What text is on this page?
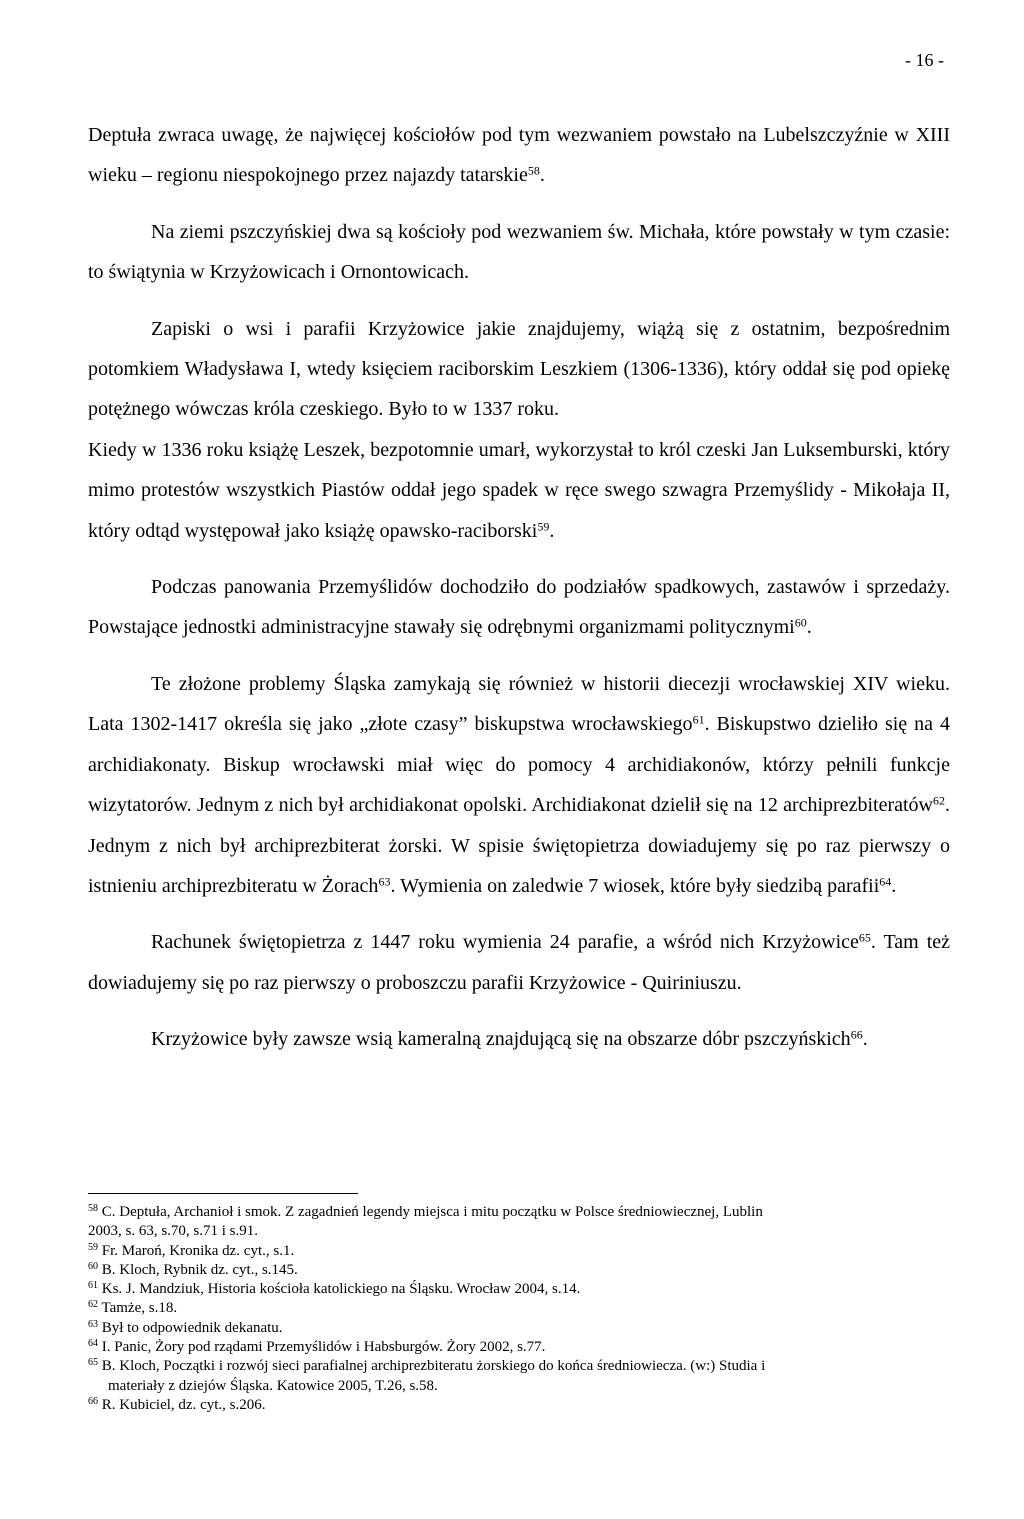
- 16 -

Deptuła zwraca uwagę, że najwięcej kościołów pod tym wezwaniem powstało na Lubelszczyźnie w XIII wieku – regionu niespokojnego przez najazdy tatarskie$^{58}$.

Na ziemi pszczyńskiej dwa są kościoły pod wezwaniem św. Michała, które powstały w tym czasie: to świątynia w Krzyżowicach i Ornontowicach.

Zapiski o wsi i parafii Krzyżowice jakie znajdujemy, wiążą się z ostatnim, bezpośrednim potomkiem Władysława I, wtedy księciem raciborskim Leszkiem (1306-1336), który oddał się pod opiekę potężnego wówczas króla czeskiego. Było to w 1337 roku.

Kiedy w 1336 roku książę Leszek, bezpotomnie umarł, wykorzystał to król czeski Jan Luksemburski, który mimo protestów wszystkich Piastów oddał jego spadek w ręce swego szwagra Przemyślidy - Mikołaja II, który odtąd występował jako książę opawsko-raciborski$^{59}$.

Podczas panowania Przemyślidów dochodziło do podziałów spadkowych, zastawów i sprzedaży. Powstające jednostki administracyjne stawały się odrębnymi organizmami politycznymi$^{60}$.

Te złożone problemy Śląska zamykają się również w historii diecezji wrocławskiej XIV wieku. Lata 1302-1417 określa się jako „złote czasy” biskupstwa wrocławskiego$^{61}$. Biskupstwo dzieliło się na 4 archidiakonaty. Biskup wrocławski miał więc do pomocy 4 archidiakonów, którzy pełnili funkcje wizytatorów. Jednym z nich był archidiakonat opolski. Archidiakonat dzielił się na 12 archiprezbiteratów$^{62}$. Jednym z nich był archiprezbiterat żorski. W spisie świętopietrza dowiadujemy się po raz pierwszy o istnieniu archiprezbiteratu w Żorach$^{63}$. Wymienia on zaledwie 7 wiosek, które były siedzibą parafii$^{64}$.

Rachunek świętopietrza z 1447 roku wymienia 24 parafie, a wśród nich Krzyżowice$^{65}$. Tam też dowiadujemy się po raz pierwszy o proboszczu parafii Krzyżowice - Quiriniuszu.

Krzyżowice były zawsze wsią kameralną znajdującą się na obszarze dóbr pszczyńskich$^{66}$.

$^{58}$ C. Deptuła, Archanioł i smok. Z zagadnień legendy miejsca i mitu początku w Polsce średniowiecznej, Lublin
2003, s. 63, s.70, s.71 i s.91.
$^{59}$ Fr. Maroń, Kronika dz. cyt., s.1.
$^{60}$ B. Kloch, Rybnik dz. cyt., s.145.
$^{61}$ Ks. J. Mandziuk, Historia kościoła katolickiego na Śląsku. Wrocław 2004, s.14.
$^{62}$ Tamże, s.18.
$^{63}$ Był to odpowiednik dekanatu.
$^{64}$ I. Panic, Żory pod rządami Przemyślidów i Habsburgów. Żory 2002, s.77.
$^{65}$ B. Kloch, Początki i rozwój sieci parafialnej archiprezbiteratu żorskiego do końca średniowiecza. (w:) Studia i
materiały z dziejów Śląska. Katowice 2005, T.26, s.58.
$^{66}$ R. Kubiciel, dz. cyt., s.206.
